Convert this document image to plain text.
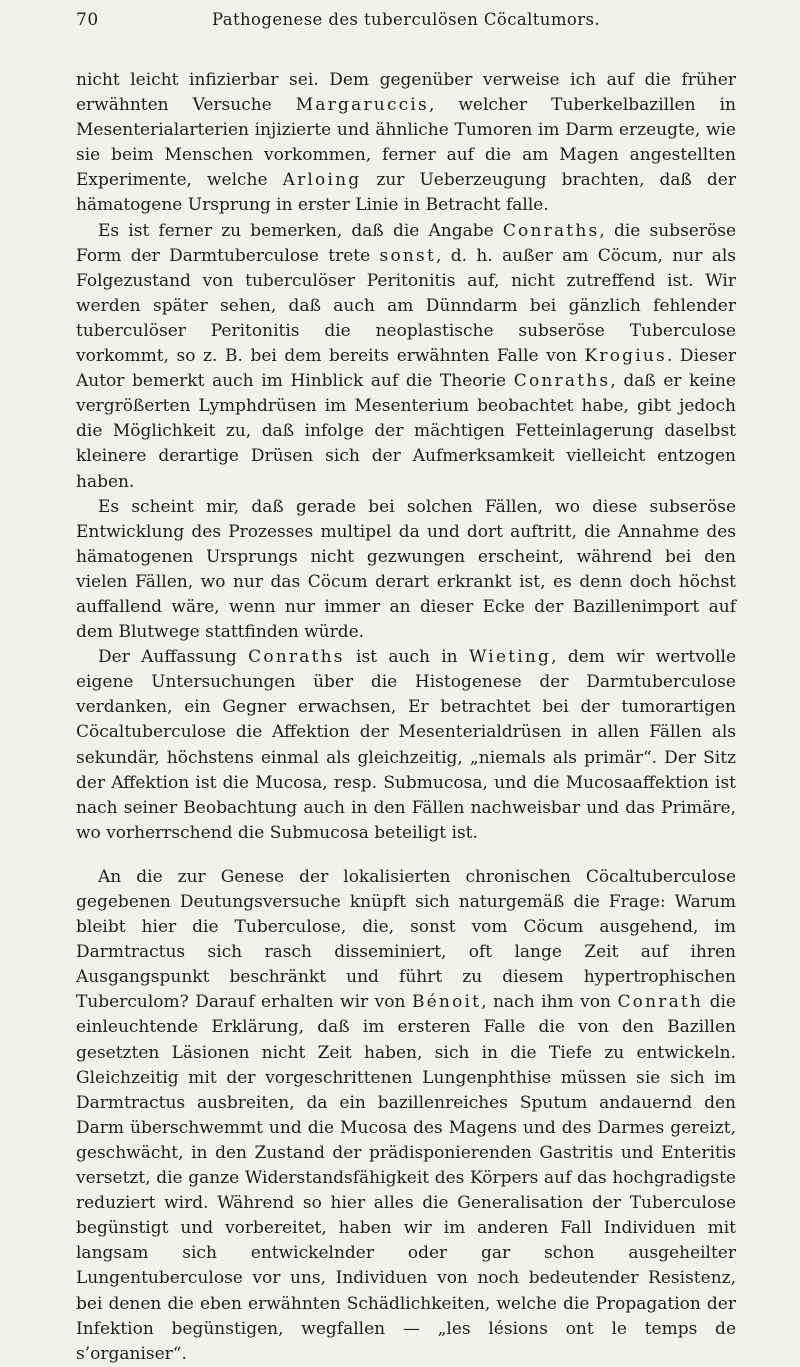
70	Pathogenese des tuberculösen Cöcaltumors.

nicht leicht infizierbar sei. Dem gegenüber verweise ich auf die früher erwähnten Versuche Margaruccis, welcher Tuberkelbazillen in Mesenterialarterien injizierte und ähnliche Tumoren im Darm erzeugte, wie sie beim Menschen vorkommen, ferner auf die am Magen angestellten Experimente, welche Arloing zur Ueberzeugung brachten, daß der hämatogene Ursprung in erster Linie in Betracht falle.

Es ist ferner zu bemerken, daß die Angabe Conraths, die subseröse Form der Darmtuberculose trete sonst, d. h. außer am Cöcum, nur als Folgezustand von tuberculöser Peritonitis auf, nicht zutreffend ist. Wir werden später sehen, daß auch am Dünndarm bei gänzlich fehlender tuberculöser Peritonitis die neoplastische subseröse Tuberculose vorkommt, so z. B. bei dem bereits erwähnten Falle von Krogius. Dieser Autor bemerkt auch im Hinblick auf die Theorie Conraths, daß er keine vergrößerten Lymphdrüsen im Mesenterium beobachtet habe, gibt jedoch die Möglichkeit zu, daß infolge der mächtigen Fetteinlagerung daselbst kleinere derartige Drüsen sich der Aufmerksamkeit vielleicht entzogen haben.

Es scheint mir, daß gerade bei solchen Fällen, wo diese subseröse Entwicklung des Prozesses multipel da und dort auftritt, die Annahme des hämatogenen Ursprungs nicht gezwungen erscheint, während bei den vielen Fällen, wo nur das Cöcum derart erkrankt ist, es denn doch höchst auffallend wäre, wenn nur immer an dieser Ecke der Bazillenimport auf dem Blutwege stattfinden würde.

Der Auffassung Conraths ist auch in Wieting, dem wir wertvolle eigene Untersuchungen über die Histogenese der Darmtuberculose verdanken, ein Gegner erwachsen, Er betrachtet bei der tumorartigen Cöcaltuberculose die Affektion der Mesenterialdrüsen in allen Fällen als sekundär, höchstens einmal als gleichzeitig, „niemals als primär“. Der Sitz der Affektion ist die Mucosa, resp. Submucosa, und die Mucosaaffektion ist nach seiner Beobachtung auch in den Fällen nachweisbar und das Primäre, wo vorherrschend die Submucosa beteiligt ist.

An die zur Genese der lokalisierten chronischen Cöcaltuberculose gegebenen Deutungsversuche knüpft sich naturgemäß die Frage: Warum bleibt hier die Tuberculose, die, sonst vom Cöcum ausgehend, im Darmtractus sich rasch disseminiert, oft lange Zeit auf ihren Ausgangspunkt beschränkt und führt zu diesem hypertrophischen Tuberculom? Darauf erhalten wir von Bénoit, nach ihm von Conrath die einleuchtende Erklärung, daß im ersteren Falle die von den Bazillen gesetzten Läsionen nicht Zeit haben, sich in die Tiefe zu entwickeln. Gleichzeitig mit der vorgeschrittenen Lungenphthise müssen sie sich im Darmtractus ausbreiten, da ein bazillenreiches Sputum andauernd den Darm überschwemmt und die Mucosa des Magens und des Darmes gereizt, geschwächt, in den Zustand der prädisponierenden Gastritis und Enteritis versetzt, die ganze Widerstandsfähigkeit des Körpers auf das hochgradigste reduziert wird. Während so hier alles die Generalisation der Tuberculose begünstigt und vorbereitet, haben wir im anderen Fall Individuen mit langsam sich entwickelnder oder gar schon ausgeheilter Lungentuberculose vor uns, Individuen von noch bedeutender Resistenz, bei denen die eben erwähnten Schädlichkeiten, welche die Propagation der Infektion begünstigen, wegfallen — „les lésions ont le temps de s’organiser“.
